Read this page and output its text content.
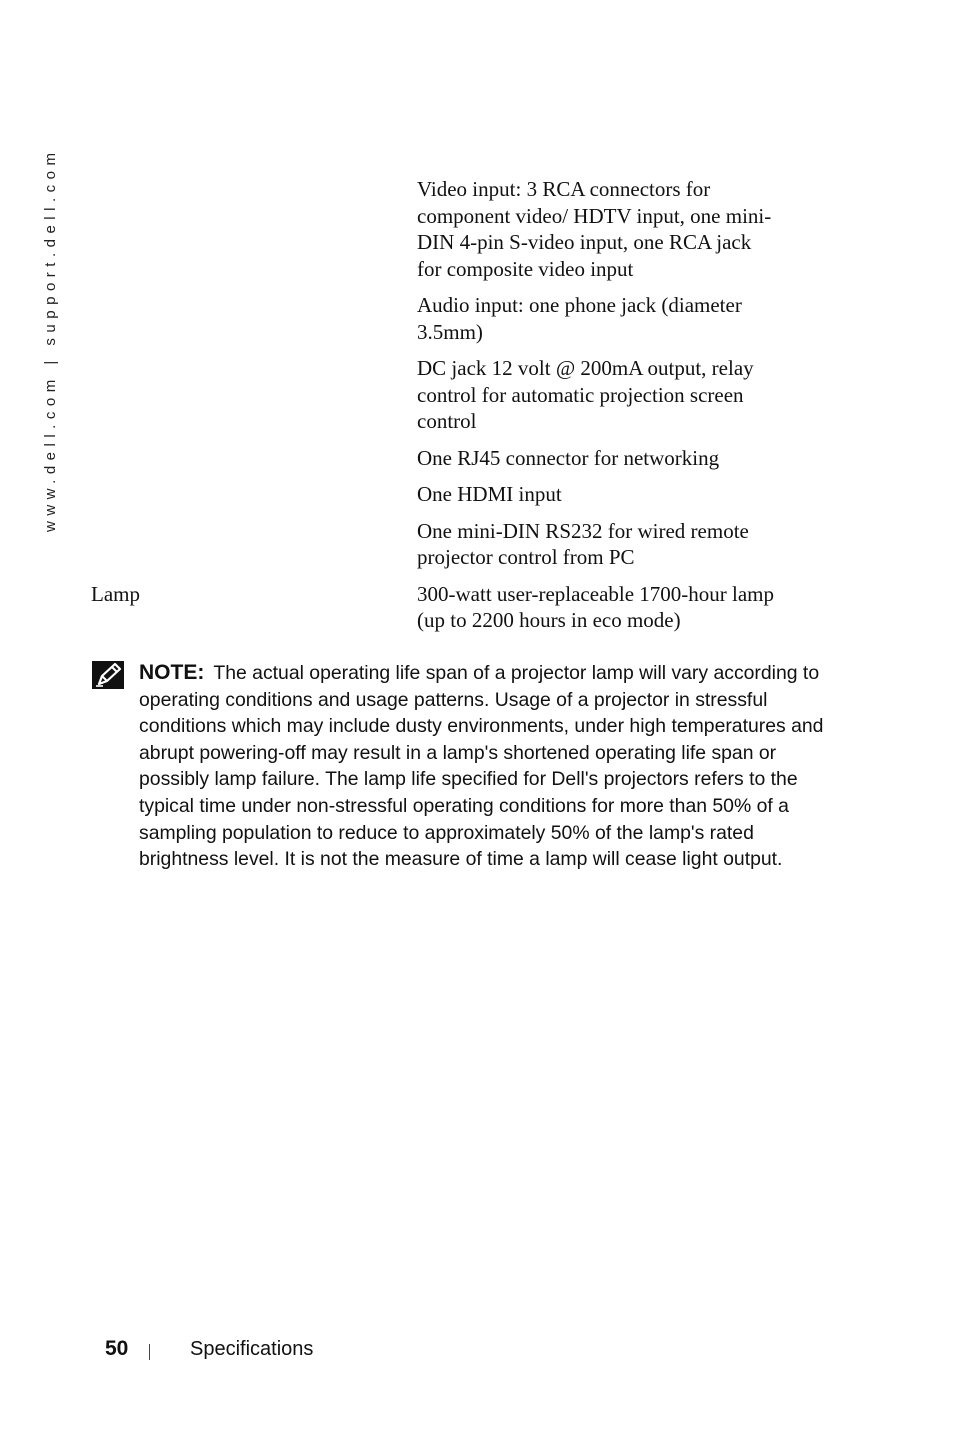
www.dell.com | support.dell.com	Video input: 3 RCA connectors for component video/ HDTV input, one mini-DIN 4-pin S-video input, one RCA jack for composite video input
Audio input: one phone jack (diameter 3.5mm)
DC jack 12 volt @ 200mA output, relay control for automatic projection screen control
One RJ45 connector for networking
One HDMI input
One mini-DIN RS232 for wired remote projector control from PC
Lamp	300-watt user-replaceable 1700-hour lamp (up to 2200 hours in eco mode)
NOTE: The actual operating life span of a projector lamp will vary according to operating conditions and usage patterns. Usage of a projector in stressful conditions which may include dusty environments, under high temperatures and abrupt powering-off may result in a lamp's shortened operating life span or possibly lamp failure. The lamp life specified for Dell's projectors refers to the typical time under non-stressful operating conditions for more than 50% of a sampling population to reduce to approximately 50% of the lamp's rated brightness level. It is not the measure of time a lamp will cease light output.
50	Specifications
